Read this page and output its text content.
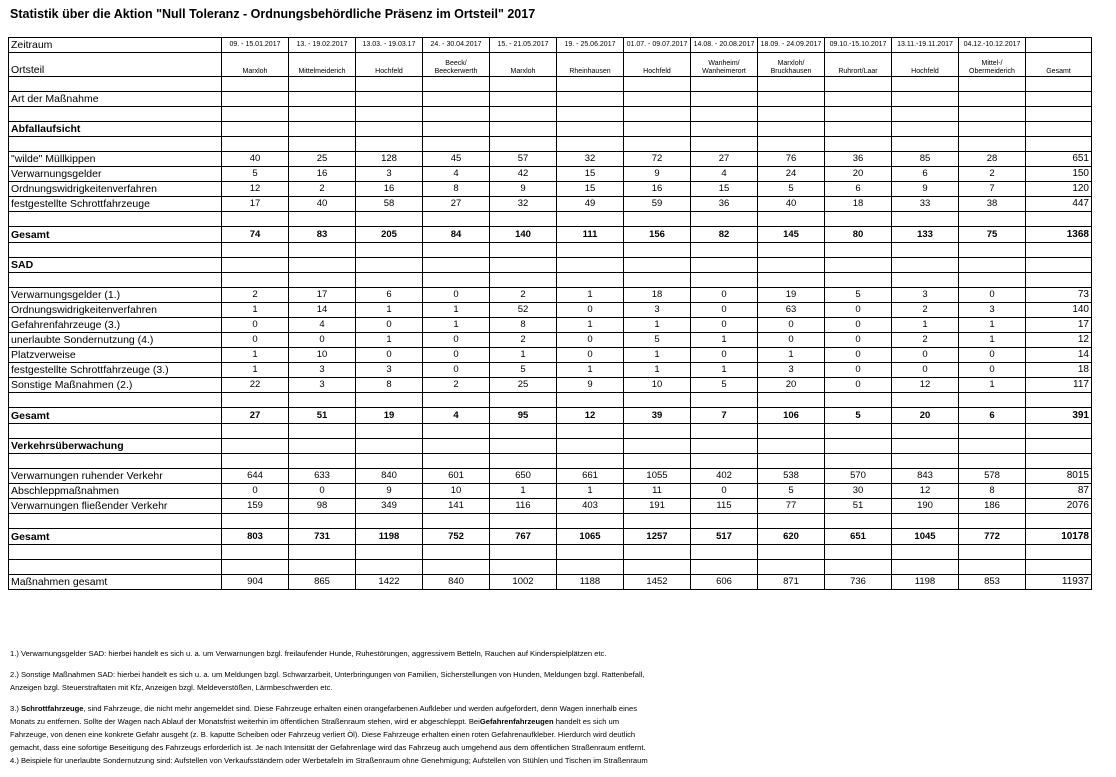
Statistik über die Aktion "Null Toleranz - Ordnungsbehördliche Präsenz im Ortsteil" 2017
Zeitraum	09. - 15.01.2017	13. - 19.02.2017	13.03. - 19.03.17	24. - 30.04.2017	15. - 21.05.2017	19. - 25.06.2017	01.07. - 09.07.2017	14.08. - 20.08.2017	18.09. - 24.09.2017	09.10.-15.10.2017	13.11.-19.11.2017	04.12.-10.12.2017	
Ortsteil	Marxloh	Mittelmeiderich	Hochfeld	Beeck/ Beeckerwerth	Marxloh	Rheinhausen	Hochfeld	Wanheim/ Wanheimerort	Marxloh/ Bruckhausen	Ruhrort/Laar	Hochfeld	Mittel-/ Obermeiderich	Gesamt

Art der Maßnahme													

Abfallaufsicht													

"wilde" Müllkippen	40	25	128	45	57	32	72	27	76	36	85	28	651
Verwarnungsgelder	5	16	3	4	42	15	9	4	24	20	6	2	150
Ordnungswidrigkeitenverfahren	12	2	16	8	9	15	16	15	5	6	9	7	120
festgestellte Schrottfahrzeuge	17	40	58	27	32	49	59	36	40	18	33	38	447

Gesamt	74	83	205	84	140	111	156	82	145	80	133	75	1368

SAD													

Verwarnungsgelder (1.)	2	17	6	0	2	1	18	0	19	5	3	0	73
Ordnungswidrigkeitenverfahren	1	14	1	1	52	0	3	0	63	0	2	3	140
Gefahrenfahrzeuge (3.)	0	4	0	1	8	1	1	0	0	0	1	1	17
unerlaubte Sondernutzung (4.)	0	0	1	0	2	0	5	1	0	0	2	1	12
Platzverweise	1	10	0	0	1	0	1	0	1	0	0	0	14
festgestellte Schrottfahrzeuge (3.)	1	3	3	0	5	1	1	1	3	0	0	0	18
Sonstige Maßnahmen (2.)	22	3	8	2	25	9	10	5	20	0	12	1	117

Gesamt	27	51	19	4	95	12	39	7	106	5	20	6	391

Verkehrsüberwachung													

Verwarnungen ruhender Verkehr	644	633	840	601	650	661	1055	402	538	570	843	578	8015
Abschleppmaßnahmen	0	0	9	10	1	1	11	0	5	30	12	8	87
Verwarnungen fließender Verkehr	159	98	349	141	116	403	191	115	77	51	190	186	2076

Gesamt	803	731	1198	752	767	1065	1257	517	620	651	1045	772	10178

Maßnahmen gesamt	904	865	1422	840	1002	1188	1452	606	871	736	1198	853	11937

1.) Verwarnungsgelder SAD: hierbei handelt es sich u. a. um Verwarnungen bzgl. freilaufender Hunde, Ruhestörungen, aggressivem Betteln, Rauchen auf Kinderspielplätzen etc.

2.) Sonstige Maßnahmen SAD: hierbei handelt es sich u. a. um Meldungen bzgl. Schwarzarbeit, Unterbringungen von Familien, Sicherstellungen von Hunden, Meldungen bzgl. Rattenbefall,

Anzeigen bzgl. Steuerstraftaten mit Kfz, Anzeigen bzgl. Meldeverstößen, Lärmbeschwerden etc.

3.) Schrottfahrzeuge, sind Fahrzeuge, die nicht mehr angemeldet sind. Diese Fahrzeuge erhalten einen orangefarbenen Aufkleber und werden aufgefordert, denn Wagen innerhalb eines

Monats zu entfernen. Sollte der Wagen nach Ablauf der Monatsfrist weiterhin im öffentlichen Straßenraum stehen, wird er abgeschleppt. BeiGefahrenfahrzeugen handelt es sich um

Fahrzeuge, von denen eine konkrete Gefahr ausgeht (z. B. kaputte Scheiben oder Fahrzeug verliert Öl). Diese Fahrzeuge erhalten einen roten Gefahrenaufkleber. Hierdurch wird deutlich

gemacht, dass eine sofortige Beseitigung des Fahrzeugs erforderlich ist. Je nach Intensität der Gefahrenlage wird das Fahrzeug auch umgehend aus dem öffentlichen Straßenraum entfernt.

4.) Beispiele für unerlaubte Sondernutzung sind: Aufstellen von Verkaufsständern oder Werbetafeln im Straßenraum ohne Genehmigung; Aufstellen von Stühlen und Tischen im Straßenraum
